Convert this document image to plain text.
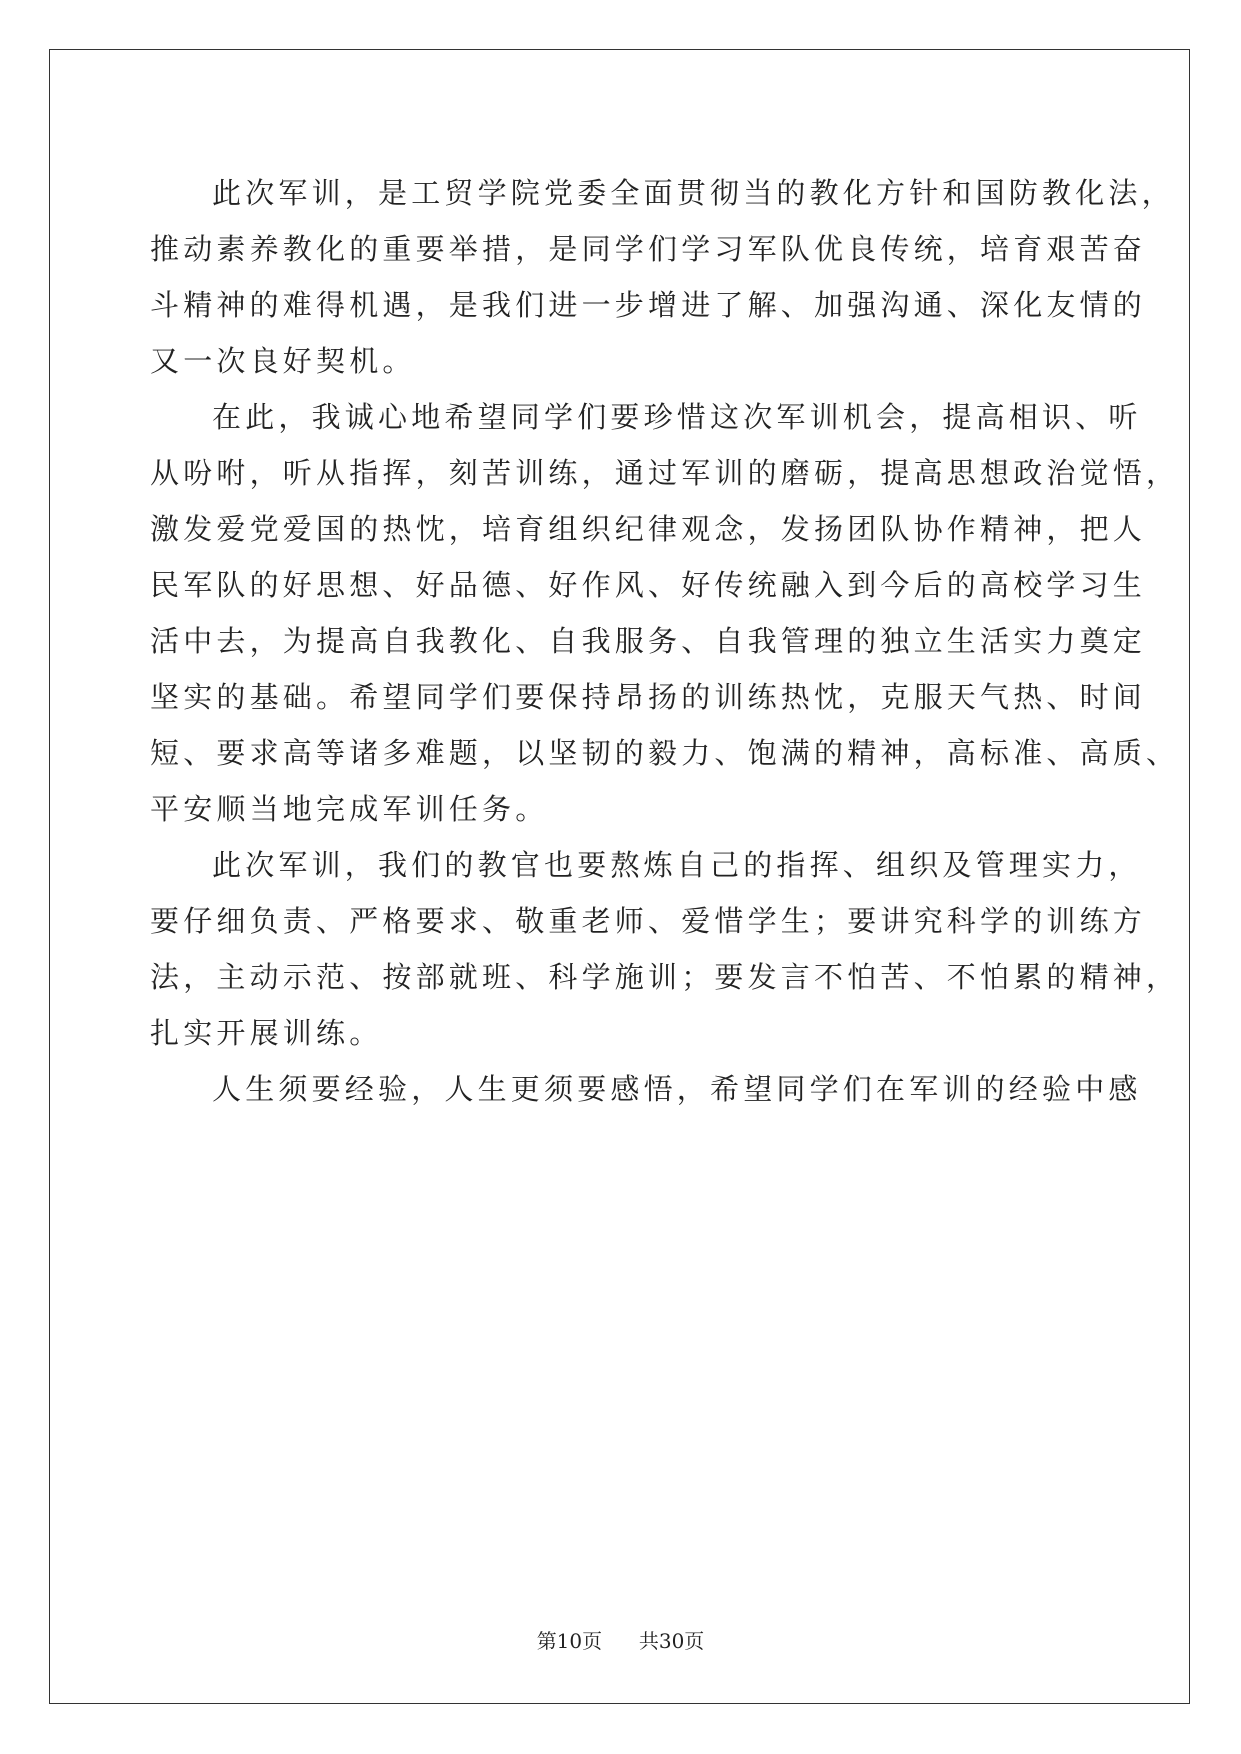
此次军训，是工贸学院党委全面贯彻当的教化方针和国防教化法，
推动素养教化的重要举措，是同学们学习军队优良传统，培育艰苦奋
斗精神的难得机遇，是我们进一步增进了解、加强沟通、深化友情的
又一次良好契机。
在此，我诚心地希望同学们要珍惜这次军训机会，提高相识、听
从吩咐，听从指挥，刻苦训练，通过军训的磨砺，提高思想政治觉悟，
激发爱党爱国的热忱，培育组织纪律观念，发扬团队协作精神，把人
民军队的好思想、好品德、好作风、好传统融入到今后的高校学习生
活中去，为提高自我教化、自我服务、自我管理的独立生活实力奠定
坚实的基础。希望同学们要保持昂扬的训练热忱，克服天气热、时间
短、要求高等诸多难题，以坚韧的毅力、饱满的精神，高标准、高质、
平安顺当地完成军训任务。
此次军训，我们的教官也要熬炼自己的指挥、组织及管理实力，
要仔细负责、严格要求、敬重老师、爱惜学生；要讲究科学的训练方
法，主动示范、按部就班、科学施训；要发言不怕苦、不怕累的精神，
扎实开展训练。
人生须要经验，人生更须要感悟，希望同学们在军训的经验中感
第10页 共30页
